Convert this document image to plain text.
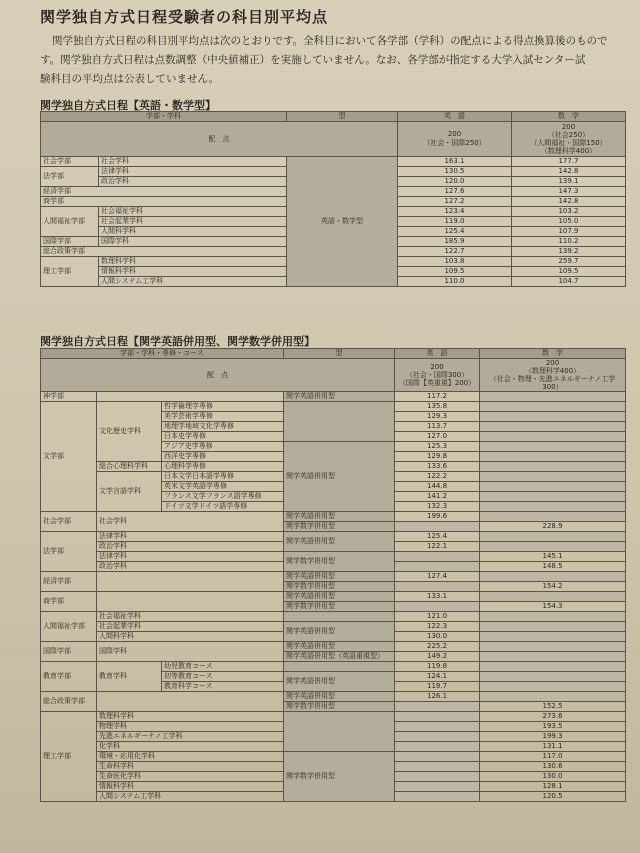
関学独自方式日程受験者の科目別平均点

関学独自方式日程の科目別平均点は次のとおりです。全科目において各学部（学科）の配点による得点換算後のもので

す。関学独自方式日程は点数調整（中央値補正）を実施していません。なお、各学部が指定する大学入試センター試
験科目の平均点は公表していません。
関学独自方式日程【英語・数学型】
学部・学科		型	英　語	数　学
配　点			200
（社会・国際250）	200
（社会250）
（人間福祉・国際150）
（数理科学400）
社会学部	社会学科	英語・数学型	163.1	177.7
法学部	法律学科		130.5	142.8
	政治学科		120.0	139.1
経済学部			127.6	147.3
商学部			127.2	142.8
人間福祉学部	社会福祉学科		123.4	103.2
	社会起業学科		119.0	105.0
	人間科学科		125.4	107.9
国際学部	国際学科		185.9	110.2
総合政策学部			122.7	139.2
理工学部	数理科学科		103.8	259.7
	情報科学科		109.5	109.5
	人間システム工学科		110.0	104.7
関学独自方式日程【関学英語併用型、関学数学併用型】
学部・学科・専修・コース			型	英　語	数　学
配　点				200
（社会・国際300）
（国際【英重視】200）	200
（数理科学400）
（社会・物理・先進エネルギーナノ工学300）
神学部			関学英語併用型	117.2	
文学部	文化歴史学科	哲学倫理学専修		135.8	
		美学芸術学専修		129.3	
		地理学地域文化学専修		113.7	
		日本史学専修		127.0	
		アジア史学専修	関学英語併用型	125.3	
		西洋史学専修		129.8	
	総合心理科学科	心理科学専修		133.6	
	文学言語学科	日本文学日本語学専修		122.2	
		英米文学英語学専修		144.8	
		フランス文学フランス語学専修		141.2	
		ドイツ文学ドイツ語学専修		132.3	
社会学部	社会学科		関学英語併用型	199.6	
			関学数学併用型		228.9
法学部	法律学科		関学英語併用型	125.4	
	政治学科			122.1	
	法律学科		関学数学併用型		145.1
	政治学科				148.5
経済学部			関学英語併用型	127.4	
			関学数学併用型		154.2
商学部			関学英語併用型	133.1	
			関学数学併用型		154.3
人間福祉学部	社会福祉学科			121.0	
	社会起業学科		関学英語併用型	122.3	
	人間科学科			130.0	
国際学部	国際学科		関学英語併用型	225.2	
			関学英語併用型（英語重視型）	149.2	
教育学部	教育学科	幼児教育コース		119.8	
		初等教育コース	関学英語併用型	124.1	
		教育科学コース		119.7	
総合政策学部			関学英語併用型	126.1	
			関学数学併用型		152.5
理工学部	数理科学科				273.6
	物理学科				193.5
	先進エネルギーナノ工学科				199.3
	化学科				131.1
	環境・応用化学科		関学数学併用型		117.0
	生命科学科				130.6
	生命医化学科				130.0
	情報科学科				128.1
	人間システム工学科				120.5
